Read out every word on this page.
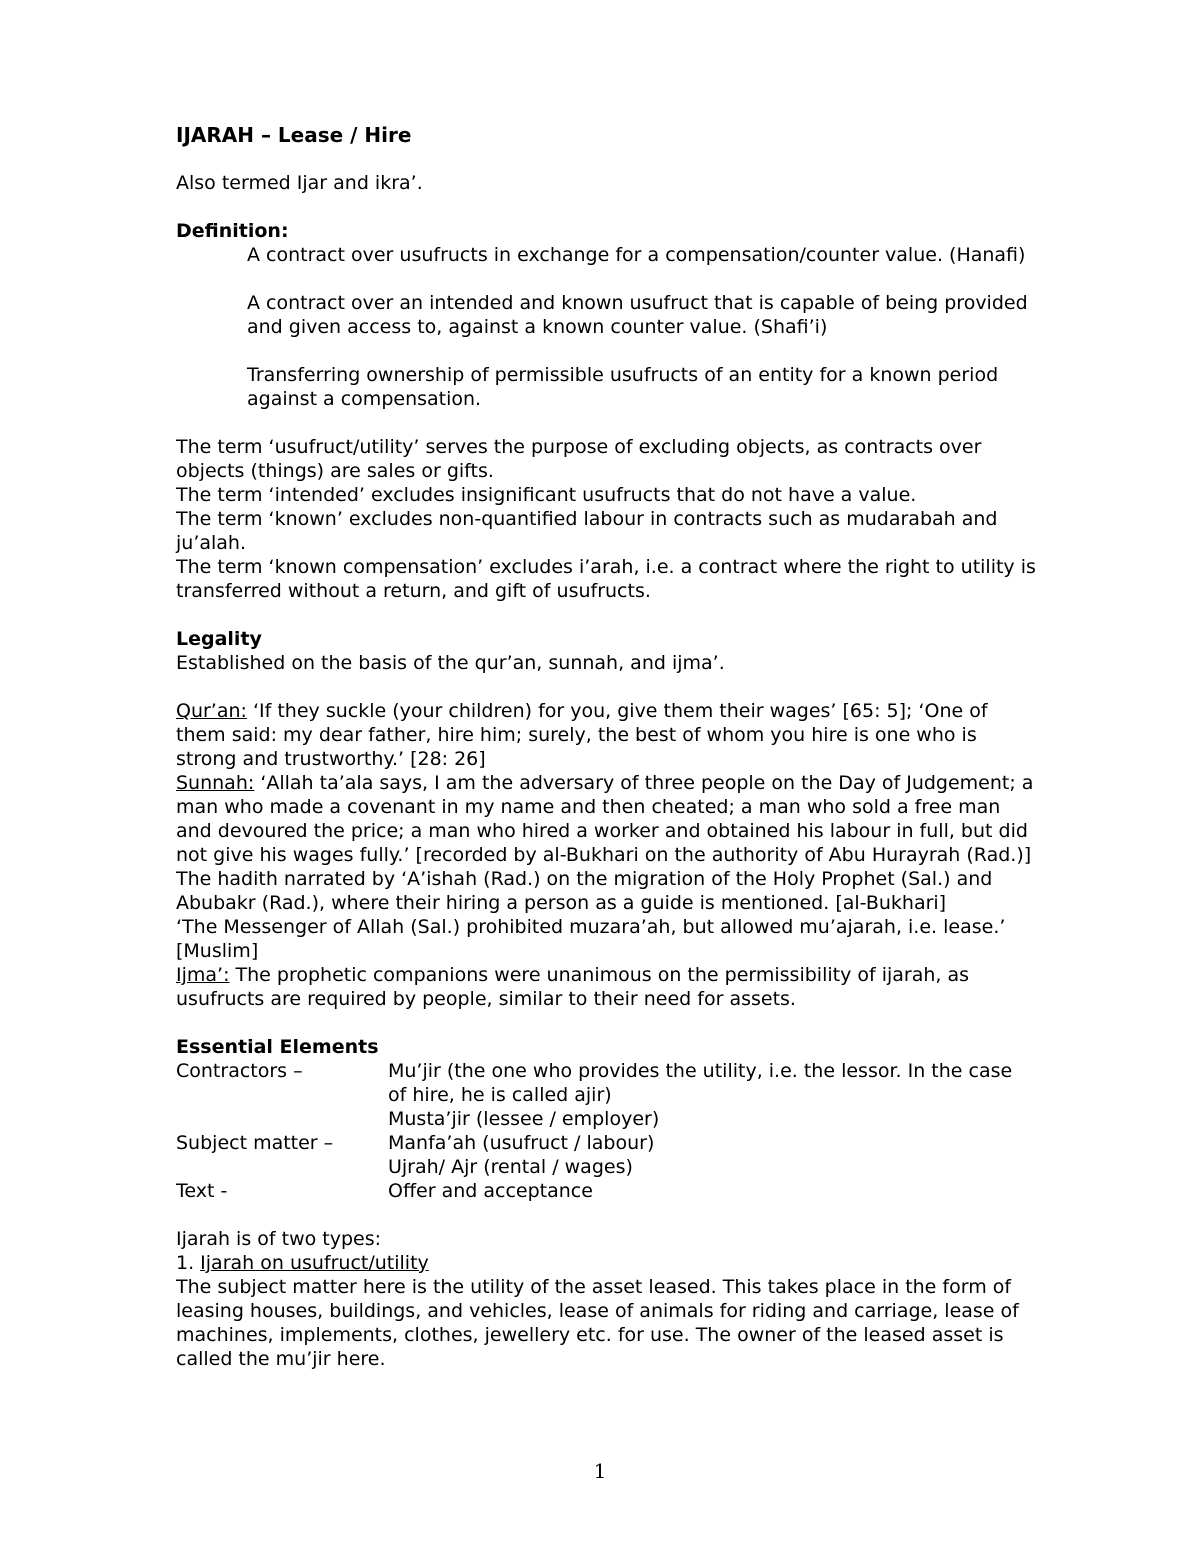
IJARAH – Lease / Hire

Also termed Ijar and ikra’.

Definition:

A contract over usufructs in exchange for a compensation/counter value. (Hanafi)

A contract over an intended and known usufruct that is capable of being provided and given access to, against a known counter value. (Shafi’i)

Transferring ownership of permissible usufructs of an entity for a known period against a compensation.

The term ‘usufruct/utility’ serves the purpose of excluding objects, as contracts over objects (things) are sales or gifts.

The term ‘intended’ excludes insignificant usufructs that do not have a value.

The term ‘known’ excludes non-quantified labour in contracts such as mudarabah and ju’alah.

The term ‘known compensation’ excludes i’arah, i.e. a contract where the right to utility is transferred without a return, and gift of usufructs.

Legality

Established on the basis of the qur’an, sunnah, and ijma’.

Qur’an: ‘If they suckle (your children) for you, give them their wages’ [65: 5]; ‘One of them said: my dear father, hire him; surely, the best of whom you hire is one who is strong and trustworthy.’ [28: 26]

Sunnah: ‘Allah ta’ala says, I am the adversary of three people on the Day of Judgement; a man who made a covenant in my name and then cheated; a man who sold a free man and devoured the price; a man who hired a worker and obtained his labour in full, but did not give his wages fully.’ [recorded by al-Bukhari on the authority of Abu Hurayrah (Rad.)]

The hadith narrated by ‘A’ishah (Rad.) on the migration of the Holy Prophet (Sal.) and Abubakr (Rad.), where their hiring a person as a guide is mentioned. [al-Bukhari]

‘The Messenger of Allah (Sal.) prohibited muzara’ah, but allowed mu’ajarah, i.e. lease.’ [Muslim]

Ijma’: The prophetic companions were unanimous on the permissibility of ijarah, as usufructs are required by people, similar to their need for assets.

Essential Elements

Contractors –	Mu’jir (the one who provides the utility, i.e. the lessor. In the case of hire, he is called ajir)
Musta’jir (lessee / employer)
Subject matter –	Manfa’ah (usufruct / labour)
Ujrah/ Ajr (rental / wages)
Text -	Offer and acceptance

Ijarah is of two types:

1. Ijarah on usufruct/utility

The subject matter here is the utility of the asset leased. This takes place in the form of leasing houses, buildings, and vehicles, lease of animals for riding and carriage, lease of machines, implements, clothes, jewellery etc. for use. The owner of the leased asset is called the mu’jir here.

1
